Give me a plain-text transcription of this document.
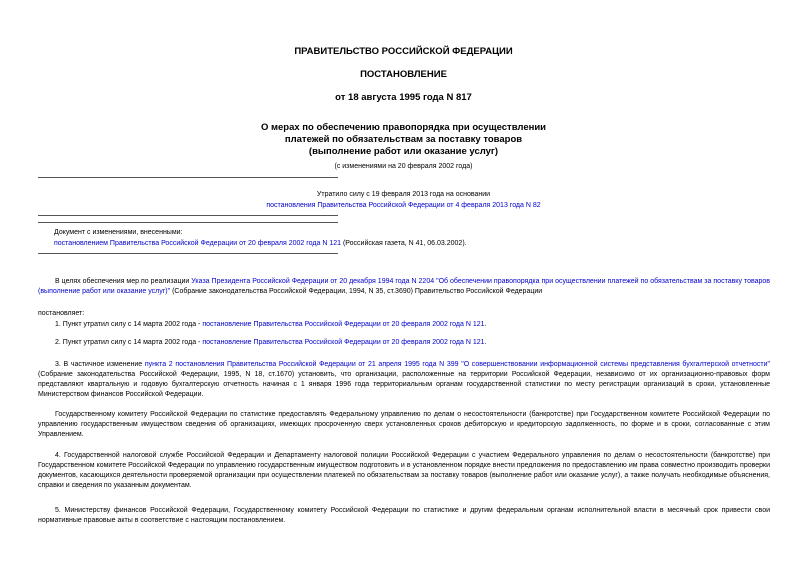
ПРАВИТЕЛЬСТВО РОССИЙСКОЙ ФЕДЕРАЦИИ
ПОСТАНОВЛЕНИЕ
от 18 августа 1995 года N 817
О мерах по обеспечению правопорядка при осуществлении
платежей по обязательствам за поставку товаров
(выполнение работ или оказание услуг)
(с изменениями на 20 февраля 2002 года)
Утратило силу с 19 февраля 2013 года на основании
постановления Правительства Российской Федерации от 4 февраля 2013 года N 82
Документ с изменениями, внесенными:
постановлением Правительства Российской Федерации от 20 февраля 2002 года N 121 (Российская газета, N 41, 06.03.2002).
В целях обеспечения мер по реализации Указа Президента Российской Федерации от 20 декабря 1994 года N 2204 "Об обеспечении правопорядка при осуществлении платежей по обязательствам за поставку товаров (выполнение работ или оказание услуг)" (Собрание законодательства Российской Федерации, 1994, N 35, ст.3690) Правительство Российской Федерации
постановляет:
1. Пункт утратил силу с 14 марта 2002 года - постановление Правительства Российской Федерации от 20 февраля 2002 года N 121.
2. Пункт утратил силу с 14 марта 2002 года - постановление Правительства Российской Федерации от 20 февраля 2002 года N 121.
3. В частичное изменение пункта 2 постановления Правительства Российской Федерации от 21 апреля 1995 года N 399 "О совершенствовании информационной системы представления бухгалтерской отчетности" (Собрание законодательства Российской Федерации, 1995, N 18, ст.1670) установить, что организации, расположенные на территории Российской Федерации, независимо от их организационно-правовых форм представляют квартальную и годовую бухгалтерскую отчетность начиная с 1 января 1996 года территориальным органам государственной статистики по месту регистрации организаций в сроки, установленные Министерством финансов Российской Федерации.
Государственному комитету Российской Федерации по статистике предоставлять Федеральному управлению по делам о несостоятельности (банкротстве) при Государственном комитете Российской Федерации по управлению государственным имуществом сведения об организациях, имеющих просроченную сверх установленных сроков дебиторскую и кредиторскую задолженность, по форме и в сроки, согласованные с этим Управлением.
4. Государственной налоговой службе Российской Федерации и Департаменту налоговой полиции Российской Федерации с участием Федерального управления по делам о несостоятельности (банкротстве) при Государственном комитете Российской Федерации по управлению государственным имуществом подготовить и в установленном порядке внести предложения по предоставлению им права совместно производить проверки документов, касающихся деятельности проверяемой организации при осуществлении платежей по обязательствам за поставку товаров (выполнение работ или оказание услуг), а также получать необходимые объяснения, справки и сведения по указанным документам.
5. Министерству финансов Российской Федерации, Государственному комитету Российской Федерации по статистике и другим федеральным органам исполнительной власти в месячный срок привести свои нормативные правовые акты в соответствие с настоящим постановлением.
